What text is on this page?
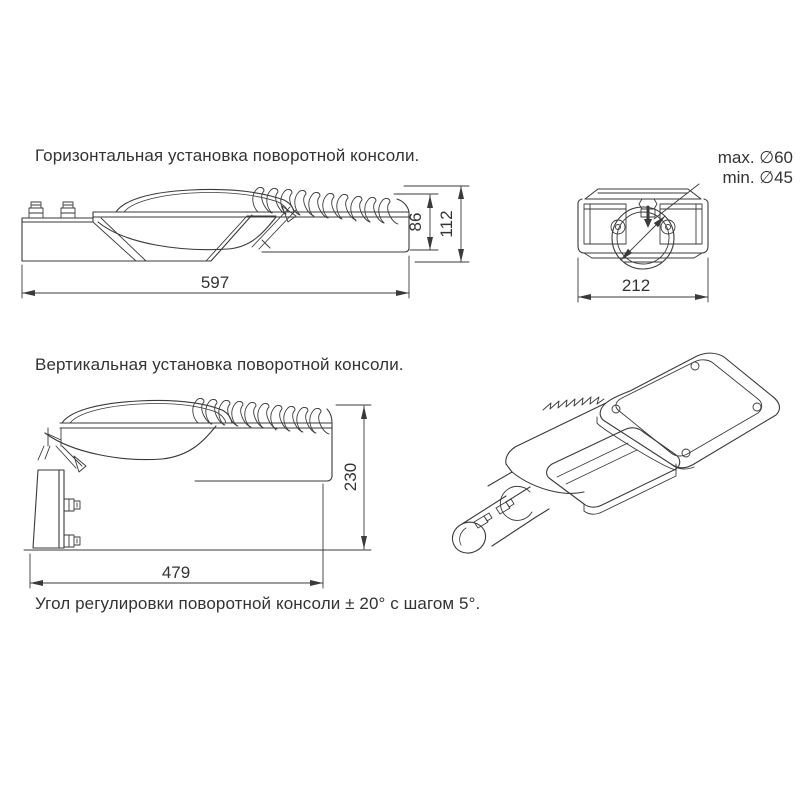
Горизонтальная установка поворотной консоли.
Вертикальная установка поворотной консоли.
Угол регулировки поворотной консоли ± 20° с шагом 5°.
597
86 112
212
max. ∅60
min. ∅45
479
230
